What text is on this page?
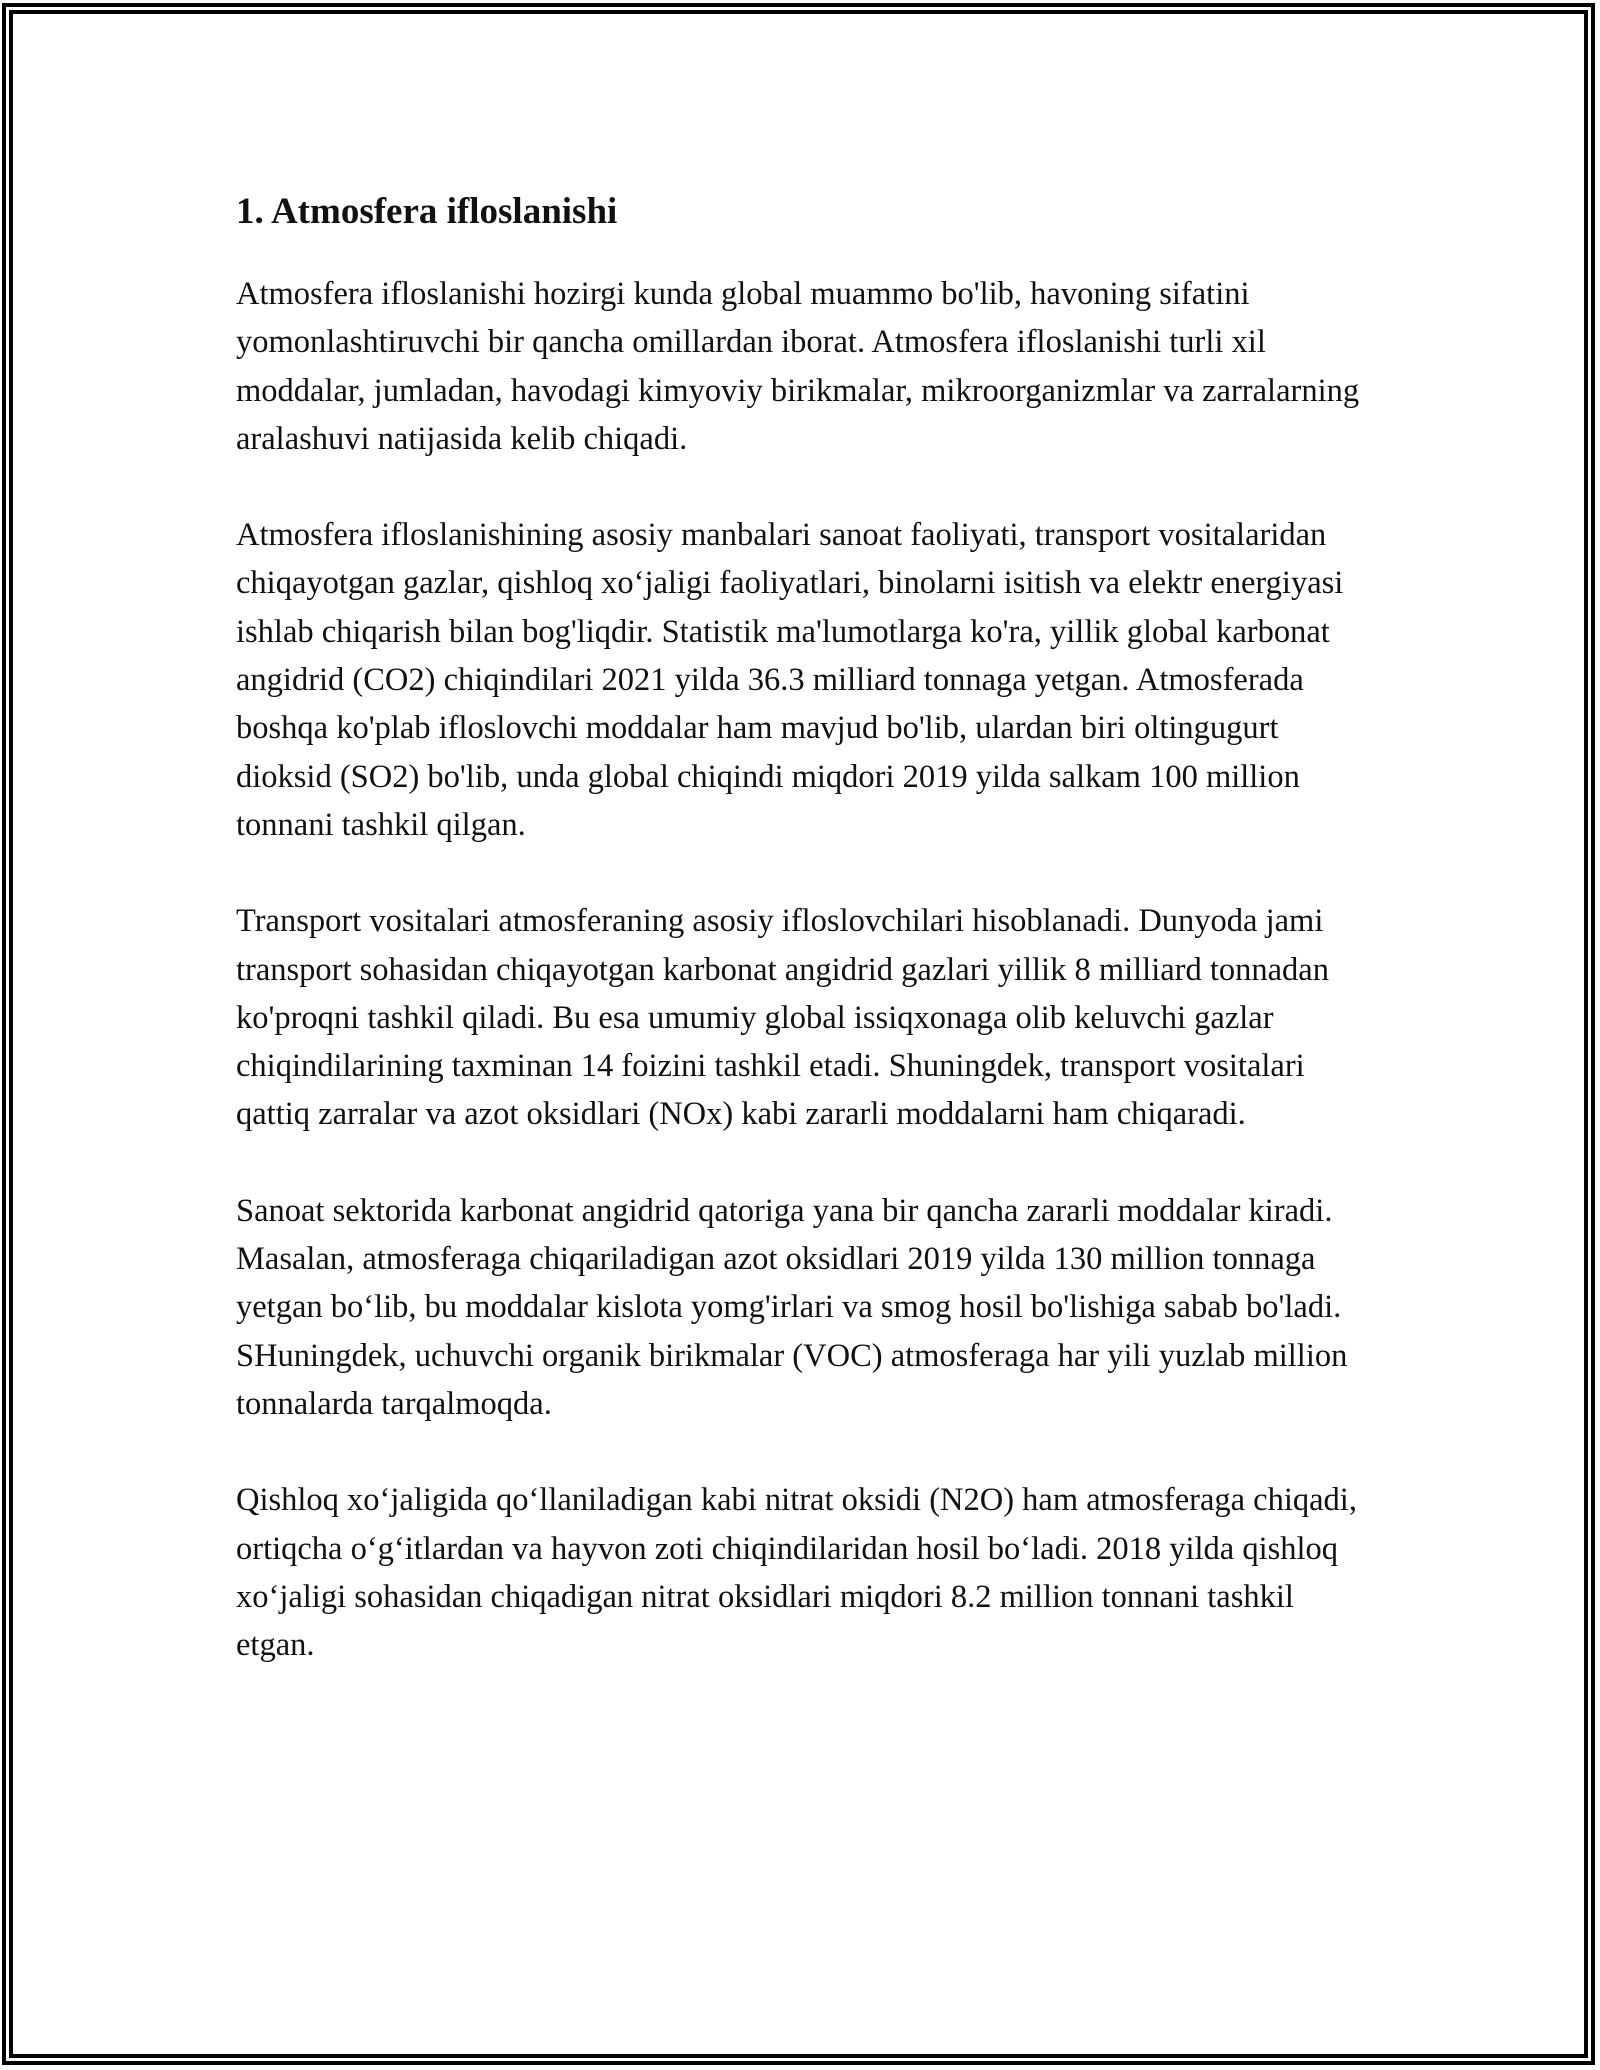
1. Atmosfera ifloslanishi

Atmosfera ifloslanishi hozirgi kunda global muammo bo'lib, havoning sifatini yomonlashtiruvchi bir qancha omillardan iborat. Atmosfera ifloslanishi turli xil moddalar, jumladan, havodagi kimyoviy birikmalar, mikroorganizmlar va zarralarning aralashuvi natijasida kelib chiqadi.

Atmosfera ifloslanishining asosiy manbalari sanoat faoliyati, transport vositalaridan chiqayotgan gazlar, qishloq xo‘jaligi faoliyatlari, binolarni isitish va elektr energiyasi ishlab chiqarish bilan bog'liqdir. Statistik ma'lumotlarga ko'ra, yillik global karbonat angidrid (CO2) chiqindilari 2021 yilda 36.3 milliard tonnaga yetgan. Atmosferada boshqa ko'plab ifloslovchi moddalar ham mavjud bo'lib, ulardan biri oltingugurt dioksid (SO2) bo'lib, unda global chiqindi miqdori 2019 yilda salkam 100 million tonnani tashkil qilgan.

Transport vositalari atmosferaning asosiy ifloslovchilari hisoblanadi. Dunyoda jami transport sohasidan chiqayotgan karbonat angidrid gazlari yillik 8 milliard tonnadan ko'proqni tashkil qiladi. Bu esa umumiy global issiqxonaga olib keluvchi gazlar chiqindilarining taxminan 14 foizini tashkil etadi. Shuningdek, transport vositalari qattiq zarralar va azot oksidlari (NOx) kabi zararli moddalarni ham chiqaradi.

Sanoat sektorida karbonat angidrid qatoriga yana bir qancha zararli moddalar kiradi. Masalan, atmosferaga chiqariladigan azot oksidlari 2019 yilda 130 million tonnaga yetgan bo‘lib, bu moddalar kislota yomg'irlari va smog hosil bo'lishiga sabab bo'ladi. SHuningdek, uchuvchi organik birikmalar (VOC) atmosferaga har yili yuzlab million tonnalarda tarqalmoqda.

Qishloq xo‘jaligida qo‘llaniladigan kabi nitrat oksidi (N2O) ham atmosferaga chiqadi, ortiqcha o‘g‘itlardan va hayvon zoti chiqindilaridan hosil bo‘ladi. 2018 yilda qishloq xo‘jaligi sohasidan chiqadigan nitrat oksidlari miqdori 8.2 million tonnani tashkil etgan.
